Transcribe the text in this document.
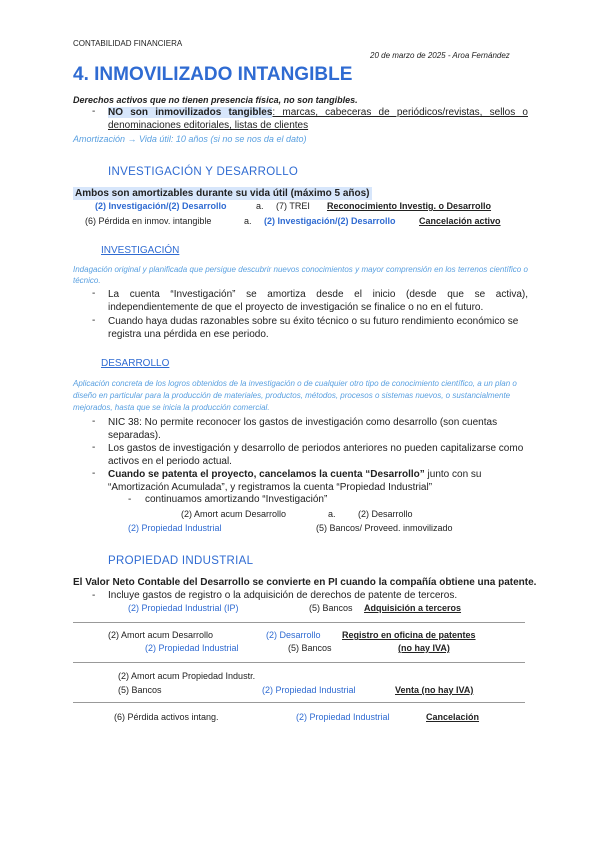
CONTABILIDAD FINANCIERA
20 de marzo de 2025 - Aroa Fernández
4. INMOVILIZADO INTANGIBLE
Derechos activos que no tienen presencia física, no son tangibles.
- NO son inmovilizados tangibles: marcas, cabeceras de periódicos/revistas, sellos o denominaciones editoriales, listas de clientes
Amortización → Vida útil: 10 años (si no se nos da el dato)
INVESTIGACIÓN Y DESARROLLO
Ambos son amortizables durante su vida útil (máximo 5 años)
(2) Investigación/(2) Desarrollo	a. (7) TREI Reconocimiento Investig. o Desarrollo
(6) Pérdida en inmov. intangible	a. (2) Investigación/(2) Desarrollo	Cancelación activo
INVESTIGACIÓN
Indagación original y planificada que persigue descubrir nuevos conocimientos y mayor comprensión en los terrenos científico o técnico.
- La cuenta “Investigación” se amortiza desde el inicio (desde que se activa), independientemente de que el proyecto de investigación se finalice o no en el futuro.
- Cuando haya dudas razonables sobre su éxito técnico o su futuro rendimiento económico se registra una pérdida en ese periodo.
DESARROLLO
Aplicación concreta de los logros obtenidos de la investigación o de cualquier otro tipo de conocimiento científico, a un plan o diseño en particular para la producción de materiales, productos, métodos, procesos o sistemas nuevos, o sustancialmente mejorados, hasta que se inicia la producción comercial.
- NIC 38: No permite reconocer los gastos de investigación como desarrollo (son cuentas separadas).
- Los gastos de investigación y desarrollo de periodos anteriores no pueden capitalizarse como activos en el periodo actual.
- Cuando se patenta el proyecto, cancelamos la cuenta “Desarrollo” junto con su “Amortización Acumulada”, y registramos la cuenta “Propiedad Industrial”
- continuamos amortizando “Investigación”
(2) Amort acum Desarrollo	a. (2) Desarrollo
(2) Propiedad Industrial	(5) Bancos/ Proveed. inmovilizado
PROPIEDAD INDUSTRIAL
El Valor Neto Contable del Desarrollo se convierte en PI cuando la compañía obtiene una patente.
- Incluye gastos de registro o la adquisición de derechos de patente de terceros.
(2) Propiedad Industrial (IP)	(5) Bancos Adquisición a terceros
(2) Amort acum Desarrollo	(2) Desarrollo Registro en oficina de patentes
(2) Propiedad Industrial	(5) Bancos	(no hay IVA)
(2) Amort acum Propiedad Industr.
(5) Bancos	(2) Propiedad Industrial	Venta (no hay IVA)
(6) Pérdida activos intang.	(2) Propiedad Industrial	Cancelación
